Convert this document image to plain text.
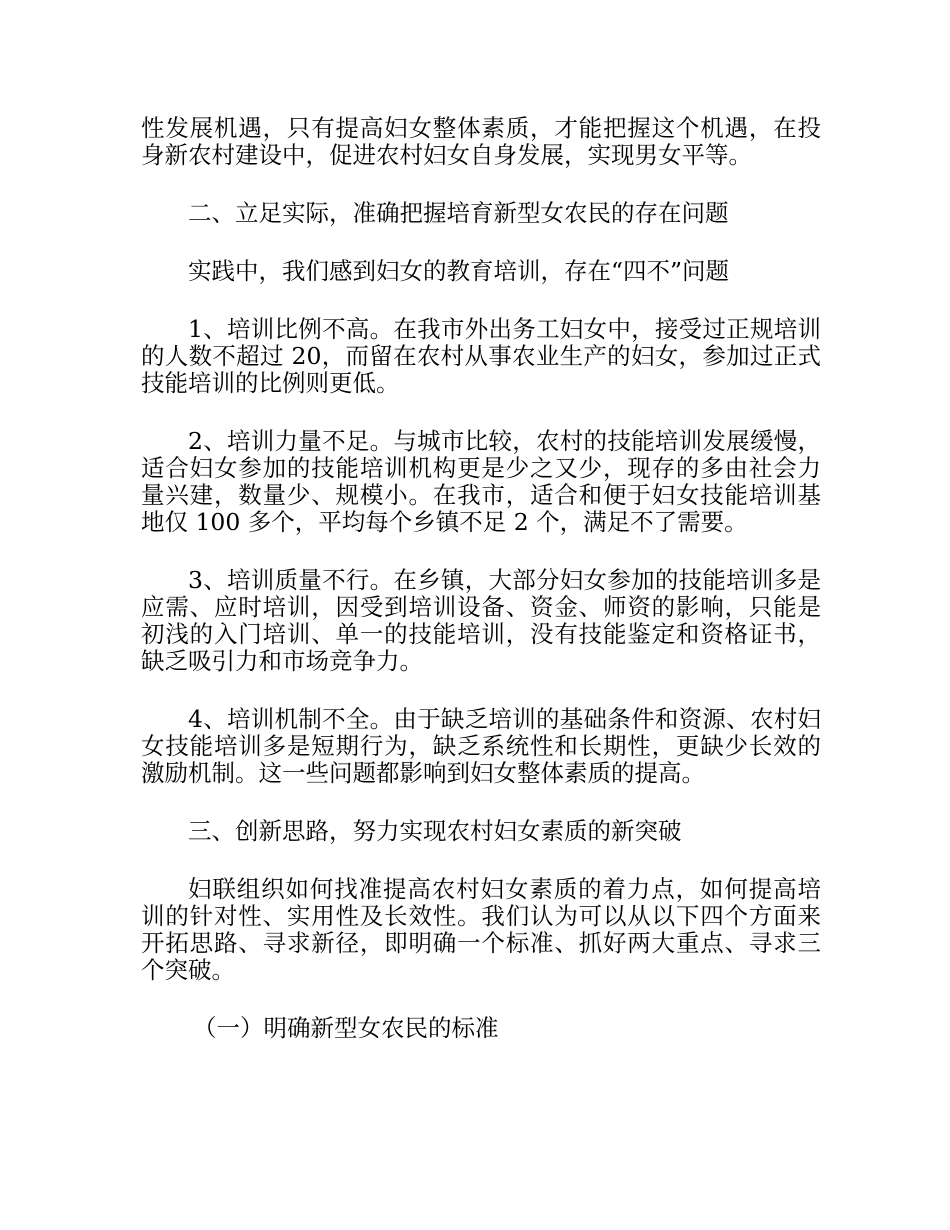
性发展机遇，只有提高妇女整体素质，才能把握这个机遇，在投身新农村建设中，促进农村妇女自身发展，实现男女平等。

二、立足实际，准确把握培育新型女农民的存在问题

实践中，我们感到妇女的教育培训，存在“四不”问题

1、培训比例不高。在我市外出务工妇女中，接受过正规培训的人数不超过 20，而留在农村从事农业生产的妇女，参加过正式技能培训的比例则更低。

2、培训力量不足。与城市比较，农村的技能培训发展缓慢，适合妇女参加的技能培训机构更是少之又少，现存的多由社会力量兴建，数量少、规模小。在我市，适合和便于妇女技能培训基地仅 100 多个，平均每个乡镇不足 2 个，满足不了需要。

3、培训质量不行。在乡镇，大部分妇女参加的技能培训多是应需、应时培训，因受到培训设备、资金、师资的影响，只能是初浅的入门培训、单一的技能培训，没有技能鉴定和资格证书，缺乏吸引力和市场竞争力。

4、培训机制不全。由于缺乏培训的基础条件和资源、农村妇女技能培训多是短期行为，缺乏系统性和长期性，更缺少长效的激励机制。这一些问题都影响到妇女整体素质的提高。

三、创新思路，努力实现农村妇女素质的新突破

妇联组织如何找准提高农村妇女素质的着力点，如何提高培训的针对性、实用性及长效性。我们认为可以从以下四个方面来开拓思路、寻求新径，即明确一个标准、抓好两大重点、寻求三个突破。

（一）明确新型女农民的标准
